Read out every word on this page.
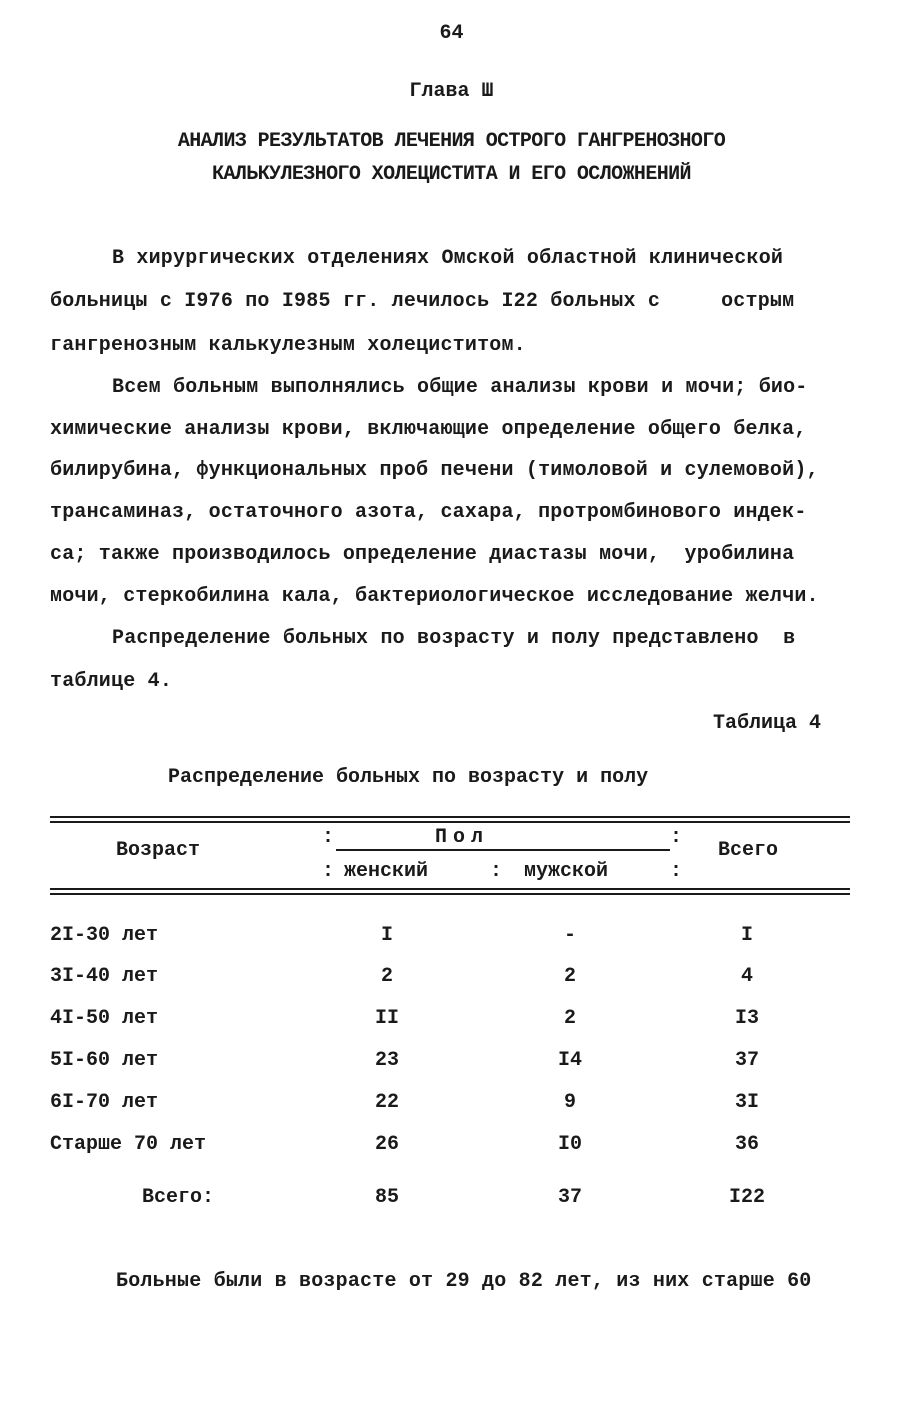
64
Глава Ш
АНАЛИЗ РЕЗУЛЬТАТОВ ЛЕЧЕНИЯ ОСТРОГО ГАНГРЕНОЗНОГО
КАЛЬКУЛЕЗНОГО ХОЛЕЦИСТИТА И ЕГО ОСЛОЖНЕНИЙ
В хирургических отделениях Омской областной клинической
больницы с I976 по I985 гг. лечилось I22 больных с     острым
гангренозным калькулезным холециститом.
Всем больным выполнялись общие анализы крови и мочи; био-
химические анализы крови, включающие определение общего белка,
билирубина, функциональных проб печени (тимоловой и сулемовой),
трансаминаз, остаточного азота, сахара, протромбинового индек-
са; также производилось определение диастазы мочи,  уробилина
мочи, стеркобилина кала, бактериологическое исследование желчи.
Распределение больных по возрасту и полу представлено  в
таблице 4.
Таблица 4
Распределение больных по возрасту и полу
Возраст
:	Пол	:
Всего
: женский	: мужской	:
2I-30 лет	I	-	I
3I-40 лет	2	2	4
4I-50 лет	II	2	I3
5I-60 лет	23	I4	37
6I-70 лет	22	9	3I
Старше 70 лет	26	I0	36
Всего:	85	37	I22
Больные были в возрасте от 29 до 82 лет, из них старше 60
